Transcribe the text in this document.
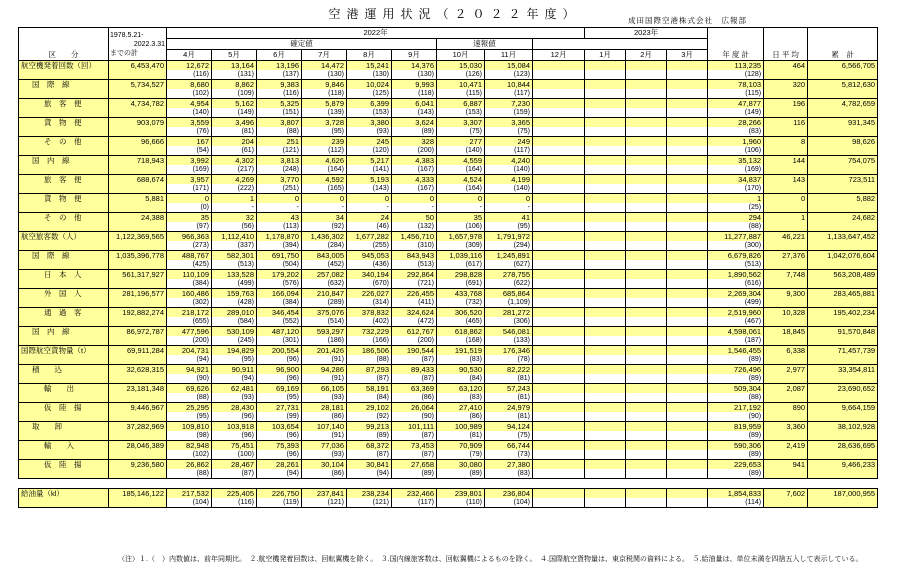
空港運用状況（２０２２年度）	成田国際空港株式会社　広報部
区　　分	1978.5.21-
2022.3.31
までの計	2022年									2023年			年 度 計	日 平 均	累　計
		確定値						速報値								
		4月	5月	6月	7月	8月	9月	10月	11月	12月	1月	2月	3月			
航空機発着回数（回）	6,453,470	12,672	13,164	13,196	14,472	15,241	14,376	15,030	15,084					113,235	464	6,566,705
		(116)	(131)	(137)	(130)	(130)	(130)	(126)	(123)					(128)		
国　際　線	5,734,527	8,680	8,862	9,383	9,846	10,024	9,993	10,471	10,844					78,103	320	5,812,630
		(102)	(109)	(116)	(118)	(125)	(118)	(115)	(117)					(115)		
旅　客　便	4,734,782	4,954	5,162	5,325	5,879	6,399	6,041	6,887	7,230					47,877	196	4,782,659
		(140)	(149)	(151)	(139)	(153)	(143)	(153)	(159)					(149)		
貨　物　便	903,079	3,559	3,496	3,807	3,728	3,380	3,624	3,307	3,365					28,266	116	931,345
		(76)	(81)	(88)	(95)	(93)	(89)	(75)	(75)					(83)		
そ　の　他	96,666	167	204	251	239	245	328	277	249					1,960	8	98,626
		(54)	(61)	(121)	(112)	(120)	(200)	(140)	(117)					(106)		
国　内　線	718,943	3,992	4,302	3,813	4,626	5,217	4,383	4,559	4,240					35,132	144	754,075
		(169)	(217)	(248)	(164)	(141)	(167)	(164)	(140)					(169)		
旅　客　便	688,674	3,957	4,269	3,770	4,592	5,193	4,333	4,524	4,199					34,837	143	723,511
		(171)	(222)	(251)	(165)	(143)	(167)	(164)	(140)					(170)		
貨　物　便	5,881	0	1	0	0	0	0	0	0					1	0	5,882
		(0)	-	-	-	-	-	-	-					(25)		
そ　の　他	24,388	35	32	43	34	24	50	35	41					294	1	24,682
		(97)	(56)	(113)	(92)	(46)	(132)	(106)	(95)					(88)		
航空旅客数（人）	1,122,369,565	966,363	1,112,410	1,178,870	1,436,302	1,677,282	1,456,710	1,657,978	1,791,972					11,277,887	46,221	1,133,647,452
		(273)	(337)	(394)	(284)	(255)	(310)	(309)	(294)					(300)		
国　際　線	1,035,396,778	488,767	582,301	691,750	843,005	945,053	843,943	1,039,116	1,245,891					6,679,826	27,376	1,042,076,604
		(425)	(513)	(504)	(452)	(436)	(513)	(617)	(627)					(513)		
日　本　人	561,317,927	110,109	133,528	179,202	257,082	340,194	292,864	298,828	278,755					1,890,562	7,748	563,208,489
		(384)	(499)	(576)	(632)	(670)	(721)	(691)	(622)					(616)		
外　国　人	281,196,577	160,486	159,763	166,094	210,847	226,027	226,455	433,768	685,864					2,269,304	9,300	283,465,881
		(302)	(428)	(384)	(289)	(314)	(411)	(732)	(1,109)					(499)		
通　過　客	192,882,274	218,172	289,010	346,454	375,076	378,832	324,624	306,520	281,272					2,519,960	10,328	195,402,234
		(655)	(584)	(552)	(514)	(402)	(472)	(465)	(306)					(467)		
国　内　線	86,972,787	477,596	530,109	487,120	593,297	732,229	612,767	618,862	546,081					4,598,061	18,845	91,570,848
		(200)	(245)	(301)	(186)	(166)	(200)	(168)	(133)					(187)		
国際航空貨物量（t）	69,911,284	204,731	194,829	200,554	201,426	186,506	190,544	191,519	176,346					1,546,455	6,338	71,457,739
		(94)	(95)	(96)	(91)	(88)	(87)	(83)	(78)					(89)		
積　　込	32,628,315	94,921	90,911	96,900	94,286	87,293	89,433	90,530	82,222					726,496	2,977	33,354,811
		(90)	(94)	(96)	(91)	(87)	(87)	(84)	(81)					(89)		
輸　　出	23,181,348	69,626	62,481	69,169	66,105	58,191	63,369	63,120	57,243					509,304	2,087	23,690,652
		(88)	(93)	(95)	(93)	(84)	(86)	(83)	(81)					(88)		
仮　陸　揚	9,446,967	25,295	28,430	27,731	28,181	29,102	26,064	27,410	24,979					217,192	890	9,664,159
		(95)	(96)	(99)	(86)	(92)	(90)	(86)	(81)					(90)		
取　　卸	37,282,969	109,810	103,918	103,654	107,140	99,213	101,111	100,989	94,124					819,959	3,360	38,102,928
		(98)	(96)	(96)	(91)	(89)	(87)	(81)	(75)					(89)		
輸　　入	28,046,389	82,948	75,451	75,393	77,036	68,372	73,453	70,909	66,744					590,306	2,419	28,636,695
		(102)	(100)	(96)	(93)	(87)	(87)	(79)	(73)					(89)		
仮　陸　揚	9,236,580	26,862	28,467	28,261	30,104	30,841	27,658	30,080	27,380					229,653	941	9,466,233
		(88)	(87)	(94)	(86)	(94)	(89)	(89)	(83)					(89)		

給油量（kl）	185,146,122	217,532	225,405	226,750	237,841	238,234	232,466	239,801	236,804					1,854,833	7,602	187,000,955
		(104)	(116)	(119)	(121)	(121)	(117)	(110)	(104)					(114)		
（注）１.（　）内数値は、前年同期比。　２.航空機発着回数は、回転翼機を除く。　３.国内線旅客数は、回転翼機によるものを除く。　４.国際航空貨物量は、東京税関の資料による。　５.給油量は、単位未満を四捨五入して表示している。
